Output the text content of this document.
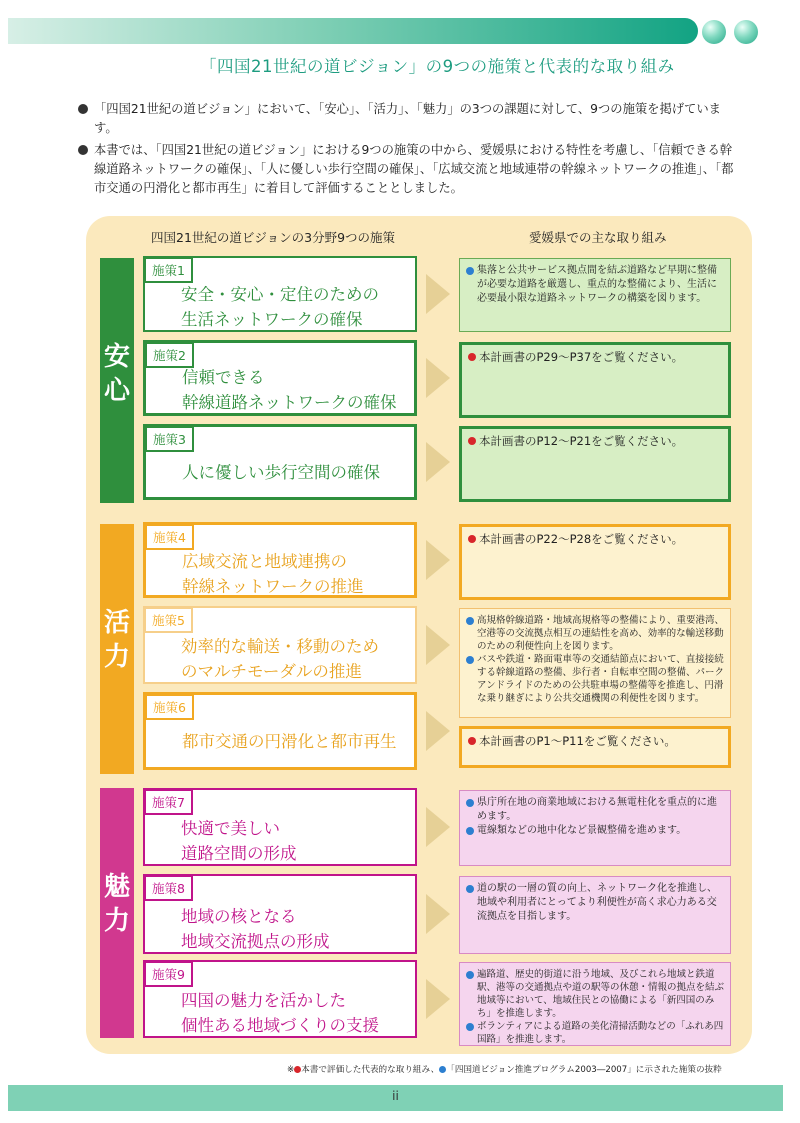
「四国21世紀の道ビジョン」の9つの施策と代表的な取り組み
「四国21世紀の道ビジョン」において、「安心」、「活力」、「魅力」の3つの課題に対して、9つの施策を掲げています。
本書では、「四国21世紀の道ビジョン」における9つの施策の中から、愛媛県における特性を考慮し、「信頼できる幹線道路ネットワークの確保」、「人に優しい歩行空間の確保」、「広域交流と地域連帯の幹線ネットワークの推進」、「都市交通の円滑化と都市再生」に着目して評価することとしました。
四国21世紀の道ビジョンの3分野9つの施策	愛媛県での主な取り組み
安心
活力
魅力
施策1
安全・安心・定住のための
生活ネットワークの確保
施策2
信頼できる
幹線道路ネットワークの確保
施策3
人に優しい歩行空間の確保
施策4
広域交流と地域連携の
幹線ネットワークの推進
施策5
効率的な輸送・移動のため
のマルチモーダルの推進
施策6
都市交通の円滑化と都市再生
施策7
快適で美しい
道路空間の形成
施策8
地域の核となる
地域交流拠点の形成
施策9
四国の魅力を活かした
個性ある地域づくりの支援
集落と公共サービス拠点間を結ぶ道路など早期に整備が必要な道路を厳選し、重点的な整備により、生活に必要最小限な道路ネットワークの構築を図ります。
本計画書のP29～P37をご覧ください。
本計画書のP12～P21をご覧ください。
本計画書のP22～P28をご覧ください。
高規格幹線道路・地域高規格等の整備により、重要港湾、空港等の交流拠点相互の連結性を高め、効率的な輸送移動のための利便性向上を図ります。
バスや鉄道・路面電車等の交通結節点において、直接接続する幹線道路の整備、歩行者・自転車空間の整備、パークアンドライドのための公共駐車場の整備等を推進し、円滑な乗り継ぎにより公共交通機関の利便性を図ります。
本計画書のP1～P11をご覧ください。
県庁所在地の商業地域における無電柱化を重点的に進めます。
電線類などの地中化など景観整備を進めます。
道の駅の一層の質の向上、ネットワーク化を推進し、地域や利用者にとってより利便性が高く求心力ある交流拠点を目指します。
遍路道、歴史的街道に沿う地域、及びこれら地域と鉄道駅、港等の交通拠点や道の駅等の休憩・情報の拠点を結ぶ地域等において、地域住民との協働による「新四国のみち」を推進します。
ボランティアによる道路の美化清掃活動などの「ふれあ四国路」を推進します。
※ 本書で評価した代表的な取り組み、 「四国道ビジョン推進プログラム2003―2007」に示された施策の抜粋
ii
